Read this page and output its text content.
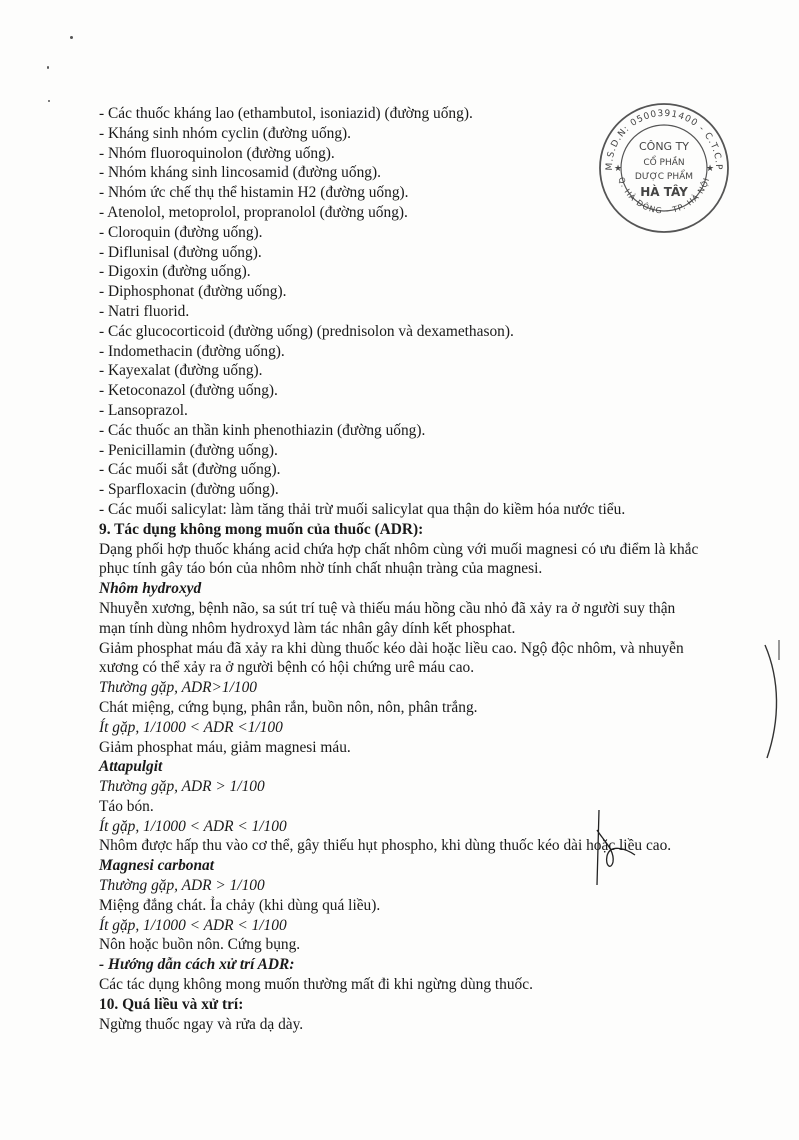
M.S.D.N: 0500391400 - C.T.C.P
Q. HÀ ĐÔNG - TP. HÀ NỘI
★	★
CÔNG TY
CỔ PHẦN
DƯỢC PHẨM
HÀ TÂY
- Các thuốc kháng lao (ethambutol, isoniazid) (đường uống).
- Kháng sinh nhóm cyclin (đường uống).
- Nhóm fluoroquinolon (đường uống).
- Nhóm kháng sinh lincosamid (đường uống).
- Nhóm ức chế thụ thể histamin H2 (đường uống).
- Atenolol, metoprolol, propranolol (đường uống).
- Cloroquin (đường uống).
- Diflunisal (đường uống).
- Digoxin (đường uống).
- Diphosphonat (đường uống).
- Natri fluorid.
- Các glucocorticoid (đường uống) (prednisolon và dexamethason).
- Indomethacin (đường uống).
- Kayexalat (đường uống).
- Ketoconazol (đường uống).
- Lansoprazol.
- Các thuốc an thần kinh phenothiazin (đường uống).
- Penicillamin (đường uống).
- Các muối sắt (đường uống).
- Sparfloxacin (đường uống).
- Các muối salicylat: làm tăng thải trừ muối salicylat qua thận do kiềm hóa nước tiểu.
9. Tác dụng không mong muốn của thuốc (ADR):
Dạng phối hợp thuốc kháng acid chứa hợp chất nhôm cùng với muối magnesi có ưu điểm là khắc
phục tính gây táo bón của nhôm nhờ tính chất nhuận tràng của magnesi.
Nhôm hydroxyd
Nhuyễn xương, bệnh não, sa sút trí tuệ và thiếu máu hồng cầu nhỏ đã xảy ra ở người suy thận
mạn tính dùng nhôm hydroxyd làm tác nhân gây dính kết phosphat.
Giảm phosphat máu đã xảy ra khi dùng thuốc kéo dài hoặc liều cao. Ngộ độc nhôm, và nhuyễn
xương có thể xảy ra ở người bệnh có hội chứng urê máu cao.
Thường gặp, ADR>1/100
Chát miệng, cứng bụng, phân rắn, buồn nôn, nôn, phân trắng.
Ít gặp, 1/1000 < ADR <1/100
Giảm phosphat máu, giảm magnesi máu.
Attapulgit
Thường gặp, ADR > 1/100
Táo bón.
Ít gặp, 1/1000 < ADR < 1/100
Nhôm được hấp thu vào cơ thể, gây thiếu hụt phospho, khi dùng thuốc kéo dài hoặc liều cao.
Magnesi carbonat
Thường gặp, ADR > 1/100
Miệng đắng chát. Ỉa chảy (khi dùng quá liều).
Ít gặp, 1/1000 < ADR < 1/100
Nôn hoặc buồn nôn. Cứng bụng.
- Hướng dẫn cách xử trí ADR:
Các tác dụng không mong muốn thường mất đi khi ngừng dùng thuốc.
10. Quá liều và xử trí:
Ngừng thuốc ngay và rửa dạ dày.
